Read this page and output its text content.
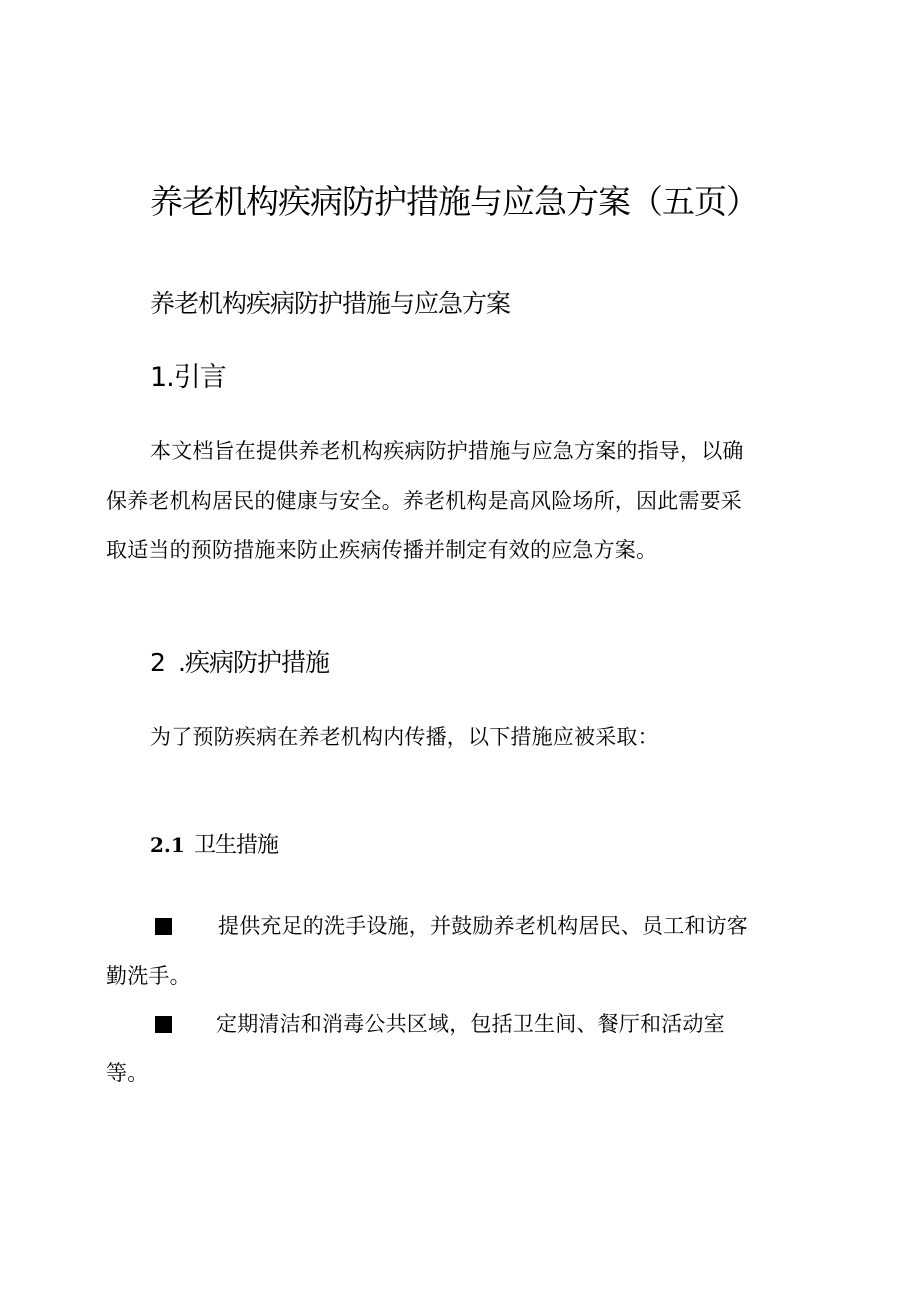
养老机构疾病防护措施与应急方案（五页）
养老机构疾病防护措施与应急方案
1.引言

本文档旨在提供养老机构疾病防护措施与应急方案的指导，以确

保养老机构居民的健康与安全。养老机构是高风险场所，因此需要采

取适当的预防措施来防止疾病传播并制定有效的应急方案。

2 .疾病防护措施

为了预防疾病在养老机构内传播，以下措施应被采取：

2.1 卫生措施

提供充足的洗手设施，并鼓励养老机构居民、员工和访客

勤洗手。

定期清洁和消毒公共区域，包括卫生间、餐厅和活动室

等。
